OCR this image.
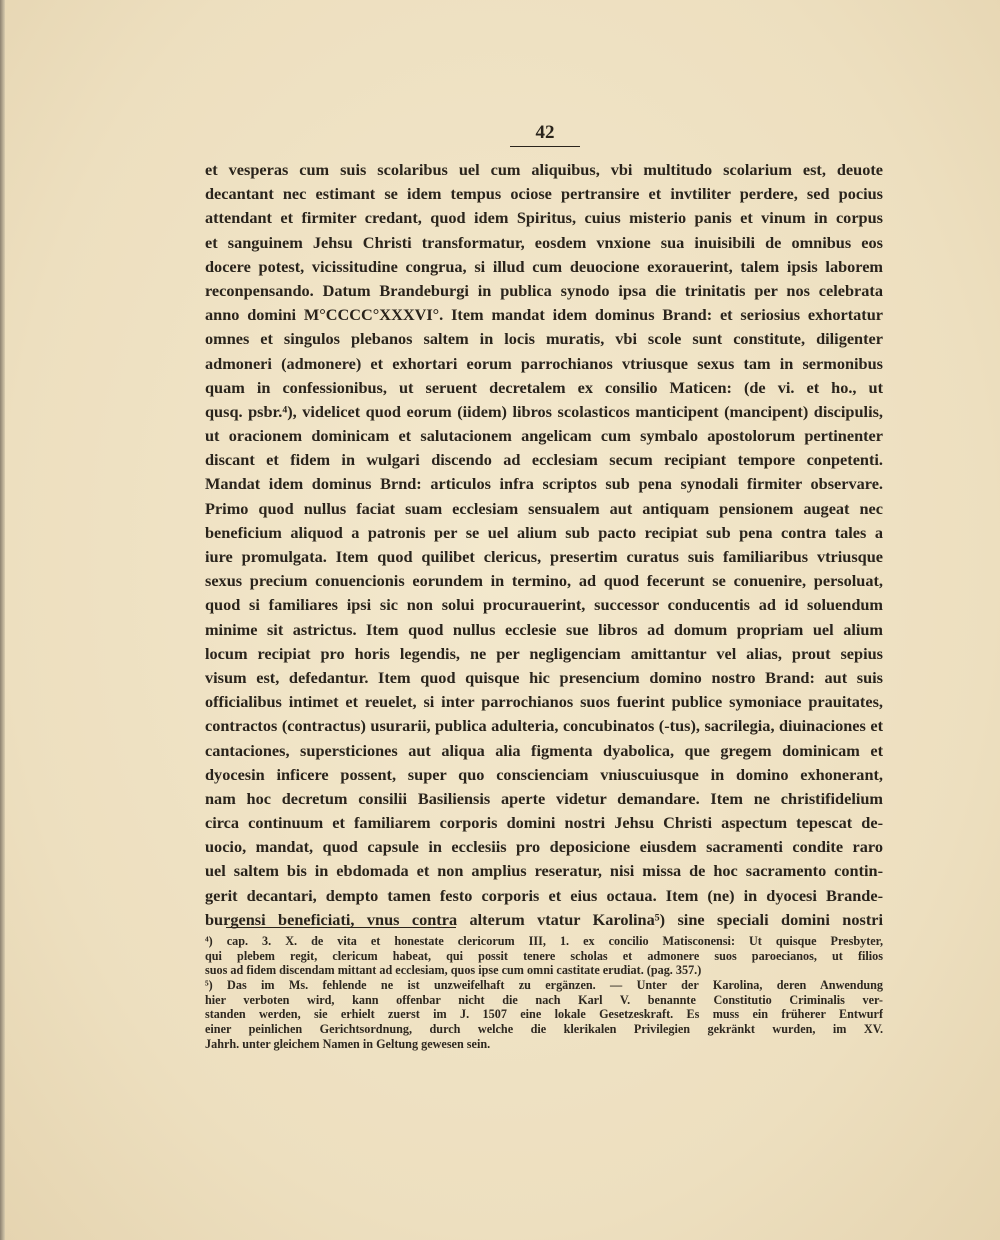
42
et vesperas cum suis scolaribus uel cum aliquibus, vbi multitudo scolarium est, deuote
decantant nec estimant se idem tempus ociose pertransire et invtiliter perdere, sed pocius
attendant et firmiter credant, quod idem Spiritus, cuius misterio panis et vinum in corpus
et sanguinem Jehsu Christi transformatur, eosdem vnxione sua inuisibili de omnibus eos
docere potest, vicissitudine congrua, si illud cum deuocione exorauerint, talem ipsis laborem
reconpensando. Datum Brandeburgi in publica synodo ipsa die trinitatis per nos celebrata
anno domini M°CCCC°XXXVI°. Item mandat idem dominus Brand: et seriosius exhortatur
omnes et singulos plebanos saltem in locis muratis, vbi scole sunt constitute, diligenter
admoneri (admonere) et exhortari eorum parrochianos vtriusque sexus tam in sermonibus
quam in confessionibus, ut seruent decretalem ex consilio Maticen: (de vi. et ho., ut
qusq. psbr.⁴), videlicet quod eorum (iidem) libros scolasticos manticipent (mancipent) discipulis,
ut oracionem dominicam et salutacionem angelicam cum symbalo apostolorum pertinenter
discant et fidem in wulgari discendo ad ecclesiam secum recipiant tempore conpetenti.
Mandat idem dominus Brnd: articulos infra scriptos sub pena synodali firmiter observare.
Primo quod nullus faciat suam ecclesiam sensualem aut antiquam pensionem augeat nec
beneficium aliquod a patronis per se uel alium sub pacto recipiat sub pena contra tales a
iure promulgata. Item quod quilibet clericus, presertim curatus suis familiaribus vtriusque
sexus precium conuencionis eorundem in termino, ad quod fecerunt se conuenire, persoluat,
quod si familiares ipsi sic non solui procurauerint, successor conducentis ad id soluendum
minime sit astrictus. Item quod nullus ecclesie sue libros ad domum propriam uel alium
locum recipiat pro horis legendis, ne per negligenciam amittantur vel alias, prout sepius
visum est, defedantur. Item quod quisque hic presencium domino nostro Brand: aut suis
officialibus intimet et reuelet, si inter parrochianos suos fuerint publice symoniace prauitates,
contractos (contractus) usurarii, publica adulteria, concubinatos (-tus), sacrilegia, diuinaciones et
cantaciones, supersticiones aut aliqua alia figmenta dyabolica, que gregem dominicam et
dyocesin inficere possent, super quo conscienciam vniuscuiusque in domino exhonerant,
nam hoc decretum consilii Basiliensis aperte videtur demandare. Item ne christifidelium
circa continuum et familiarem corporis domini nostri Jehsu Christi aspectum tepescat de-
uocio, mandat, quod capsule in ecclesiis pro deposicione eiusdem sacramenti condite raro
uel saltem bis in ebdomada et non amplius reseratur, nisi missa de hoc sacramento contin-
gerit decantari, dempto tamen festo corporis et eius octaua. Item (ne) in dyocesi Brande-
burgensi beneficiati, vnus contra alterum vtatur Karolina⁵) sine speciali domini nostri
⁴) cap. 3. X. de vita et honestate clericorum III, 1. ex concilio Matisconensi: Ut quisque Presbyter,
qui plebem regit, clericum habeat, qui possit tenere scholas et admonere suos paroecianos, ut filios
suos ad fidem discendam mittant ad ecclesiam, quos ipse cum omni castitate erudiat. (pag. 357.)
⁵) Das im Ms. fehlende ne ist unzweifelhaft zu ergänzen. — Unter der Karolina, deren Anwendung
hier verboten wird, kann offenbar nicht die nach Karl V. benannte Constitutio Criminalis ver-
standen werden, sie erhielt zuerst im J. 1507 eine lokale Gesetzeskraft. Es muss ein früherer Entwurf
einer peinlichen Gerichtsordnung, durch welche die klerikalen Privilegien gekränkt wurden, im XV.
Jahrh. unter gleichem Namen in Geltung gewesen sein.
